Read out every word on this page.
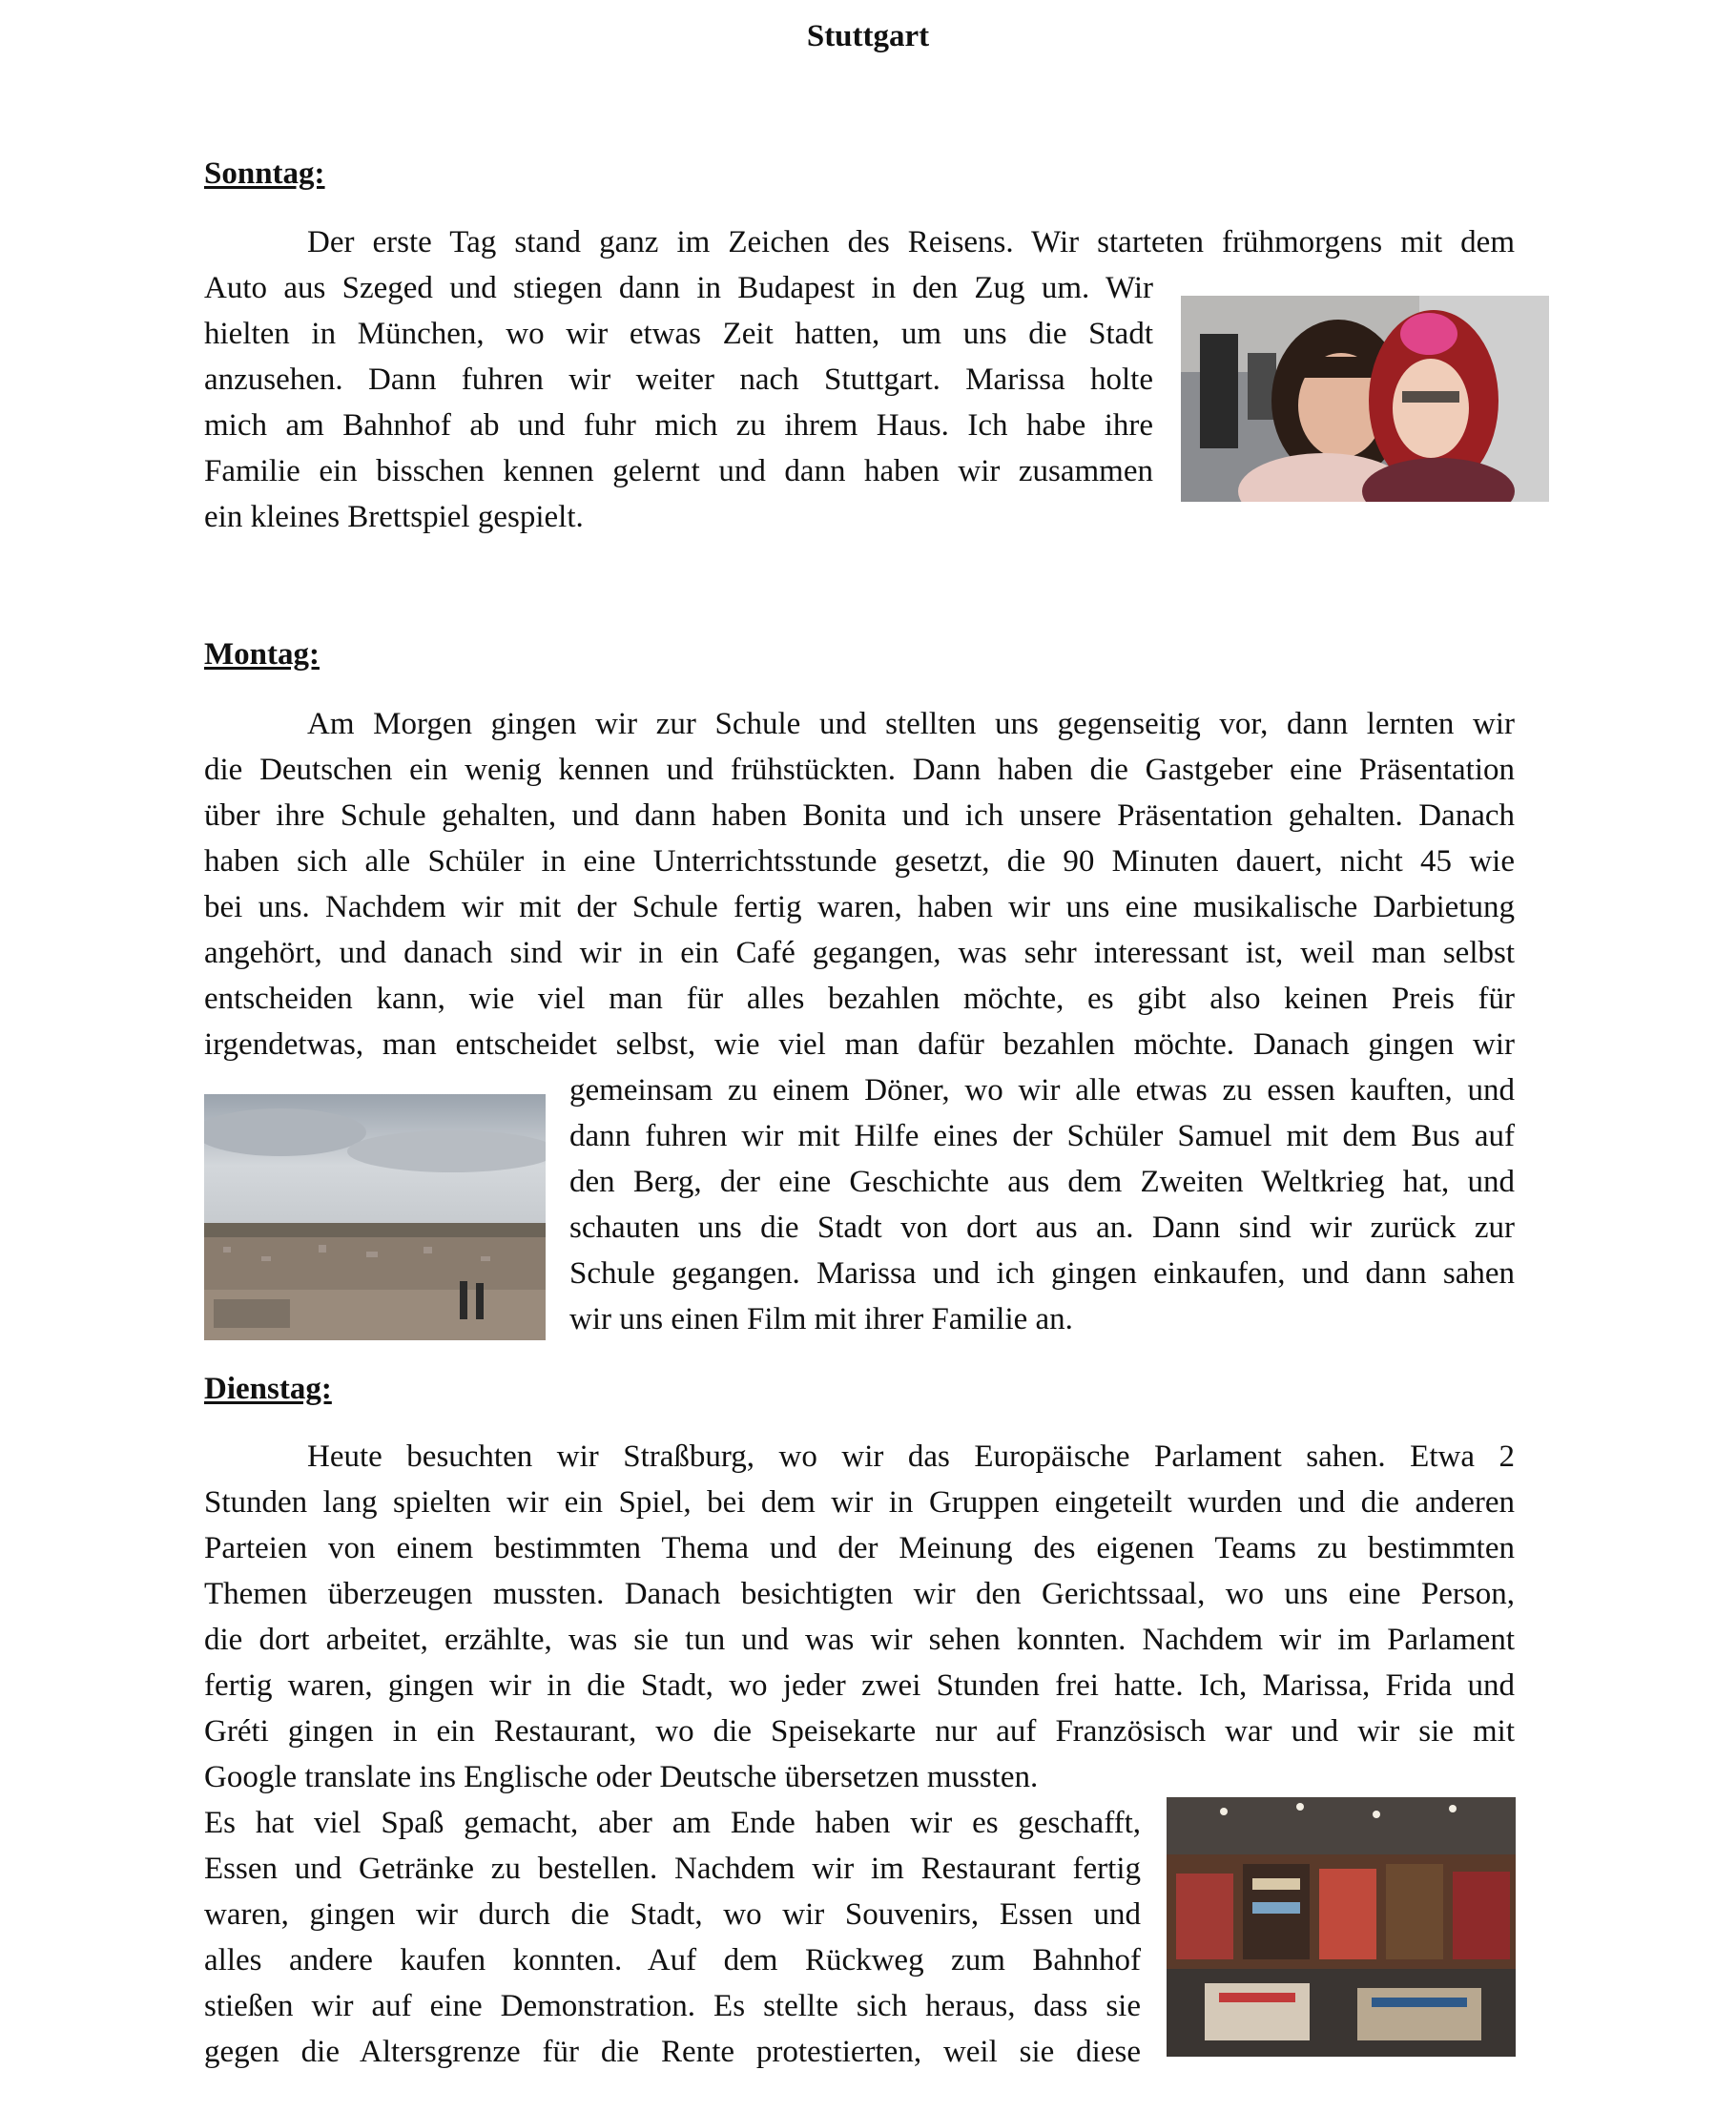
Stuttgart
Sonntag:
Der erste Tag stand ganz im Zeichen des Reisens. Wir starteten frühmorgens mit dem
Auto aus Szeged und stiegen dann in Budapest in den Zug um. Wir
hielten in München, wo wir etwas Zeit hatten, um uns die Stadt
anzusehen. Dann fuhren wir weiter nach Stuttgart. Marissa holte
mich am Bahnhof ab und fuhr mich zu ihrem Haus. Ich habe ihre
Familie ein bisschen kennen gelernt und dann haben wir zusammen
ein kleines Brettspiel gespielt.
Montag:
Am Morgen gingen wir zur Schule und stellten uns gegenseitig vor, dann lernten wir
die Deutschen ein wenig kennen und frühstückten. Dann haben die Gastgeber eine Präsentation
über ihre Schule gehalten, und dann haben Bonita und ich unsere Präsentation gehalten. Danach
haben sich alle Schüler in eine Unterrichtsstunde gesetzt, die 90 Minuten dauert, nicht 45 wie
bei uns. Nachdem wir mit der Schule fertig waren, haben wir uns eine musikalische Darbietung
angehört, und danach sind wir in ein Café gegangen, was sehr interessant ist, weil man selbst
entscheiden kann, wie viel man für alles bezahlen möchte, es gibt also keinen Preis für
irgendetwas, man entscheidet selbst, wie viel man dafür bezahlen möchte. Danach gingen wir
gemeinsam zu einem Döner, wo wir alle etwas zu essen kauften, und
dann fuhren wir mit Hilfe eines der Schüler Samuel mit dem Bus auf
den Berg, der eine Geschichte aus dem Zweiten Weltkrieg hat, und
schauten uns die Stadt von dort aus an. Dann sind wir zurück zur
Schule gegangen. Marissa und ich gingen einkaufen, und dann sahen
wir uns einen Film mit ihrer Familie an.
Dienstag:
Heute besuchten wir Straßburg, wo wir das Europäische Parlament sahen. Etwa 2
Stunden lang spielten wir ein Spiel, bei dem wir in Gruppen eingeteilt wurden und die anderen
Parteien von einem bestimmten Thema und der Meinung des eigenen Teams zu bestimmten
Themen überzeugen mussten. Danach besichtigten wir den Gerichtssaal, wo uns eine Person,
die dort arbeitet, erzählte, was sie tun und was wir sehen konnten. Nachdem wir im Parlament
fertig waren, gingen wir in die Stadt, wo jeder zwei Stunden frei hatte. Ich, Marissa, Frida und
Gréti gingen in ein Restaurant, wo die Speisekarte nur auf Französisch war und wir sie mit
Google translate ins Englische oder Deutsche übersetzen mussten.
Es hat viel Spaß gemacht, aber am Ende haben wir es geschafft,
Essen und Getränke zu bestellen. Nachdem wir im Restaurant fertig
waren, gingen wir durch die Stadt, wo wir Souvenirs, Essen und
alles andere kaufen konnten. Auf dem Rückweg zum Bahnhof
stießen wir auf eine Demonstration. Es stellte sich heraus, dass sie
gegen die Altersgrenze für die Rente protestierten, weil sie diese
